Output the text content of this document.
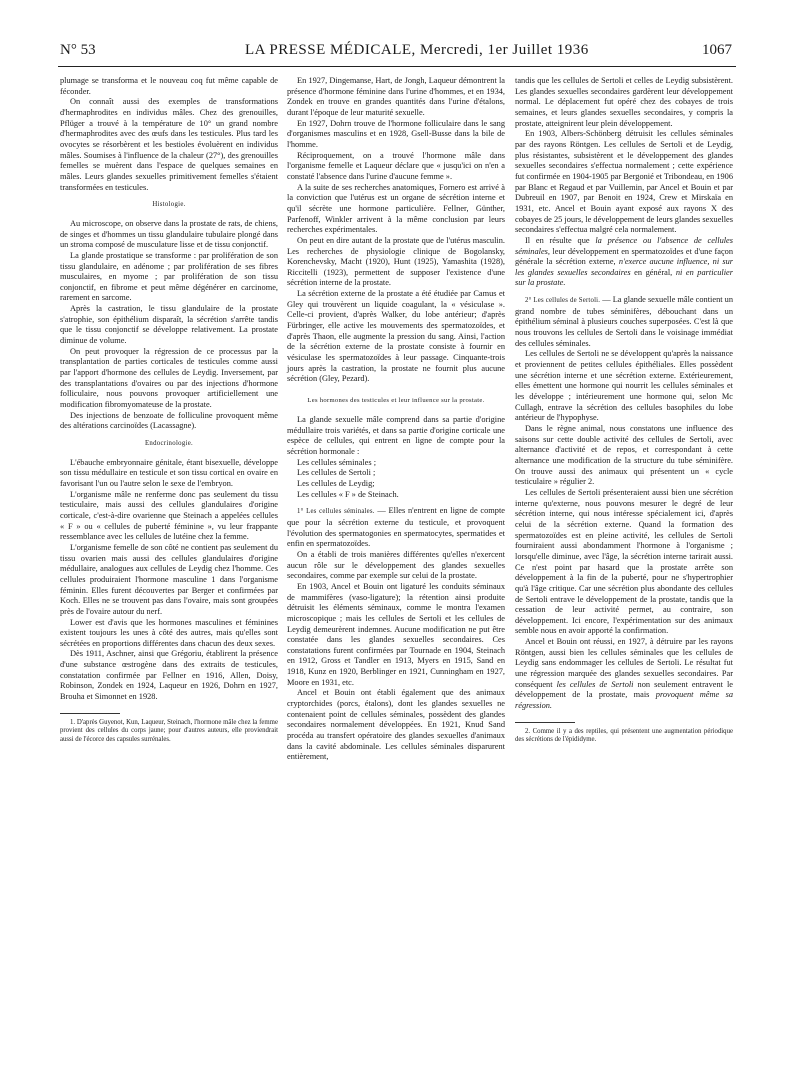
N° 53	LA PRESSE MÉDICALE, Mercredi, 1er Juillet 1936	1067

plumage se transforma et le nouveau coq fut même capable de féconder.

On connaît aussi des exemples de transformations d'hermaphrodites en individus mâles. Chez des grenouilles, Pflüger a trouvé à la température de 10° un grand nombre d'hermaphrodites avec des œufs dans les testicules. Plus tard les ovocytes se résorbèrent et les bestioles évoluèrent en individus mâles. Soumises à l'influence de la chaleur (27°), des grenouilles femelles se muèrent dans l'espace de quelques semaines en mâles. Leurs glandes sexuelles primitivement femelles s'étaient transformées en testicules.

Histologie.

Au microscope, on observe dans la prostate de rats, de chiens, de singes et d'hommes un tissu glandulaire tubulaire plongé dans un stroma composé de musculature lisse et de tissu conjonctif.

La glande prostatique se transforme : par prolifération de son tissu glandulaire, en adénome ; par prolifération de ses fibres musculaires, en myome ; par prolifération de son tissu conjonctif, en fibrome et peut même dégénérer en carcinome, rarement en sarcome.

Après la castration, le tissu glandulaire de la prostate s'atrophie, son épithélium disparaît, la sécrétion s'arrête tandis que le tissu conjonctif se développe relativement. La prostate diminue de volume.

On peut provoquer la régression de ce processus par la transplantation de parties corticales de testicules comme aussi par l'apport d'hormone des cellules de Leydig. Inversement, par des transplantations d'ovaires ou par des injections d'hormone folliculaire, nous pouvons provoquer artificiellement une modification fibromyomateuse de la prostate.

Des injections de benzoate de folliculine provoquent même des altérations carcinoïdes (Lacassagne).

Endocrinologie.

L'ébauche embryonnaire génitale, étant bisexuelle, développe son tissu médullaire en testicule et son tissu cortical en ovaire en favorisant l'un ou l'autre selon le sexe de l'embryon.

L'organisme mâle ne renferme donc pas seulement du tissu testiculaire, mais aussi des cellules glandulaires d'origine corticale, c'est-à-dire ovarienne que Steinach a appelées cellules « F » ou « cellules de puberté féminine », vu leur frappante ressemblance avec les cellules de lutéine chez la femme.

L'organisme femelle de son côté ne contient pas seulement du tissu ovarien mais aussi des cellules glandulaires d'origine médullaire, analogues aux cellules de Leydig chez l'homme. Ces cellules produiraient l'hormone masculine 1 dans l'organisme féminin. Elles furent découvertes par Berger et confirmées par Koch. Elles ne se trouvent pas dans l'ovaire, mais sont groupées près de l'ovaire autour du nerf.

Lower est d'avis que les hormones masculines et féminines existent toujours les unes à côté des autres, mais qu'elles sont sécrétées en proportions différentes dans chacun des deux sexes.

Dès 1911, Aschner, ainsi que Grégoriu, établirent la présence d'une substance œstrogène dans des extraits de testicules, constatation confirmée par Fellner en 1916, Allen, Doisy, Robinson, Zondek en 1924, Laqueur en 1926, Dohrn en 1927, Brouha et Simonnet en 1928.

1. D'après Guyenot, Kun, Laqueur, Steinach, l'hormone mâle chez la femme provient des cellules du corps jaune; pour d'autres auteurs, elle proviendrait aussi de l'écorce des capsules surrénales.

En 1927, Dingemanse, Hart, de Jongh, Laqueur démontrent la présence d'hormone féminine dans l'urine d'hommes, et en 1934, Zondek en trouve en grandes quantités dans l'urine d'étalons, durant l'époque de leur maturité sexuelle.

En 1927, Dohrn trouve de l'hormone folliculaire dans le sang d'organismes masculins et en 1928, Gsell-Busse dans la bile de l'homme.

Réciproquement, on a trouvé l'hormone mâle dans l'organisme femelle et Laqueur déclare que « jusqu'ici on n'en a constaté l'absence dans l'urine d'aucune femme ».

A la suite de ses recherches anatomiques, Fornero est arrivé à la conviction que l'utérus est un organe de sécrétion interne et qu'il sécrète une hormone particulière. Fellner, Günther, Parfenoff, Winkler arrivent à la même conclusion par leurs recherches expérimentales.

On peut en dire autant de la prostate que de l'utérus masculin. Les recherches de physiologie clinique de Bogolanskу, Korenchevsky, Macht (1920), Hunt (1925), Yamashita (1928), Riccitelli (1923), permettent de supposer l'existence d'une sécrétion interne de la prostate.

La sécrétion externe de la prostate a été étudiée par Camus et Gley qui trouvèrent un liquide coagulant, la « vésiculase ». Celle-ci provient, d'après Walker, du lobe antérieur; d'après Fürbringer, elle active les mouvements des spermatozoïdes, et d'après Thaon, elle augmente la pression du sang. Ainsi, l'action de la sécrétion externe de la prostate consiste à fournir en vésiculase les spermatozoïdes à leur passage. Cinquante-trois jours après la castration, la prostate ne fournit plus aucune sécrétion (Gley, Pezard).

Les hormones des testicules et leur influence sur la prostate.

La glande sexuelle mâle comprend dans sa partie d'origine médullaire trois variétés, et dans sa partie d'origine corticale une espèce de cellules, qui entrent en ligne de compte pour la sécrétion hormonale :

Les cellules séminales ;

Les cellules de Sertoli ;

Les cellules de Leydig;

Les cellules « F » de Steinach.

1° Les cellules séminales. — Elles n'entrent en ligne de compte que pour la sécrétion externe du testicule, et provoquent l'évolution des spermatogonies en spermatocytes, spermatides et enfin en spermatozoïdes.

On a établi de trois manières différentes qu'elles n'exercent aucun rôle sur le développement des glandes sexuelles secondaires, comme par exemple sur celui de la prostate.

En 1903, Ancel et Bouin ont ligaturé les conduits séminaux de mammifères (vaso-ligature); la rétention ainsi produite détruisit les éléments séminaux, comme le montra l'examen microscopique ; mais les cellules de Sertoli et les cellules de Leydig demeurèrent indemnes. Aucune modification ne put être constatée dans les glandes sexuelles secondaires. Ces constatations furent confirmées par Tournade en 1904, Steinach en 1912, Gross et Tandler en 1913, Myers en 1915, Sand en 1918, Kunz en 1920, Berblinger en 1921, Cunningham en 1927, Moore en 1931, etc.

Ancel et Bouin ont établi également que des animaux cryptorchides (porcs, étalons), dont les glandes sexuelles ne contenaient point de cellules séminales, possèdent des glandes secondaires normalement développées. En 1921, Knud Sand procéda au transfert opératoire des glandes sexuelles d'animaux dans la cavité abdominale. Les cellules séminales disparurent entièrement,

tandis que les cellules de Sertoli et celles de Leydig subsistèrent. Les glandes sexuelles secondaires gardèrent leur développement normal. Le déplacement fut opéré chez des cobayes de trois semaines, et leurs glandes sexuelles secondaires, y compris la prostate, atteignirent leur plein développement.

En 1903, Albers-Schönberg détruisit les cellules séminales par des rayons Röntgen. Les cellules de Sertoli et de Leydig, plus résistantes, subsistèrent et le développement des glandes sexuelles secondaires s'effectua normalement ; cette expérience fut confirmée en 1904-1905 par Bergonié et Tribondeau, en 1906 par Blanc et Regaud et par Vuillemin, par Ancel et Bouin et par Dubreuil en 1907, par Benoit en 1924, Crew et Mirskaïa en 1931, etc. Ancel et Bouin ayant exposé aux rayons X des cobayes de 25 jours, le développement de leurs glandes sexuelles secondaires s'effectua malgré cela normalement.

Il en résulte que la présence ou l'absence de cellules séminales, leur développement en spermatozoïdes et d'une façon générale la sécrétion externe, n'exerce aucune influence, ni sur les glandes sexuelles secondaires en général, ni en particulier sur la prostate.

2° Les cellules de Sertoli. — La glande sexuelle mâle contient un grand nombre de tubes séminifères, débouchant dans un épithélium séminal à plusieurs couches superposées. C'est là que nous trouvons les cellules de Sertoli dans le voisinage immédiat des cellules séminales.

Les cellules de Sertoli ne se développent qu'après la naissance et proviennent de petites cellules épithéliales. Elles possèdent une sécrétion interne et une sécrétion externe. Extérieurement, elles émettent une hormone qui nourrit les cellules séminales et les développe ; intérieurement une hormone qui, selon Mc Cullagh, entrave la sécrétion des cellules basophiles du lobe antérieur de l'hypophyse.

Dans le règne animal, nous constatons une influence des saisons sur cette double activité des cellules de Sertoli, avec alternance d'activité et de repos, et correspondant à cette alternance une modification de la structure du tube séminifère. On trouve aussi des animaux qui présentent un « cycle testiculaire » régulier 2.

Les cellules de Sertoli présenteraient aussi bien une sécrétion interne qu'externe, nous pouvons mesurer le degré de leur sécrétion interne, qui nous intéresse spécialement ici, d'après celui de la sécrétion externe. Quand la formation des spermatozoïdes est en pleine activité, les cellules de Sertoli fourniraient aussi abondamment l'hormone à l'organisme ; lorsqu'elle diminue, avec l'âge, la sécrétion interne tarirait aussi. Ce n'est point par hasard que la prostate arrête son développement à la fin de la puberté, pour ne s'hypertrophier qu'à l'âge critique. Car une sécrétion plus abondante des cellules de Sertoli entrave le développement de la prostate, tandis que la cessation de leur activité permet, au contraire, son développement. Ici encore, l'expérimentation sur des animaux semble nous en avoir apporté la confirmation.

Ancel et Bouin ont réussi, en 1927, à détruire par les rayons Röntgen, aussi bien les cellules séminales que les cellules de Leydig sans endommager les cellules de Sertoli. Le résultat fut une régression marquée des glandes sexuelles secondaires. Par conséquent les cellules de Sertoli non seulement entravent le développement de la prostate, mais provoquent même sa régression.

2. Comme il y a des reptiles, qui présentent une augmentation périodique des sécrétions de l'épididyme.
